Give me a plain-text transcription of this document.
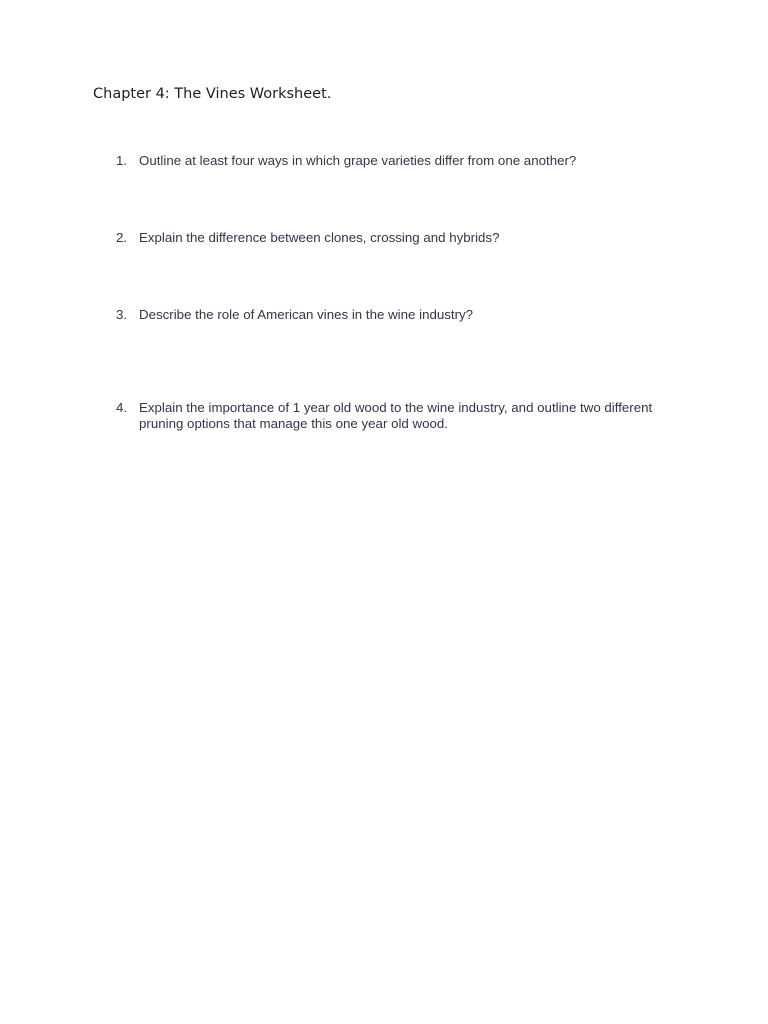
Chapter 4: The Vines Worksheet.
1. Outline at least four ways in which grape varieties differ from one another?
2. Explain the difference between clones, crossing and hybrids?
3. Describe the role of American vines in the wine industry?
4. Explain the importance of 1 year old wood to the wine industry, and outline two different pruning options that manage this one year old wood.
